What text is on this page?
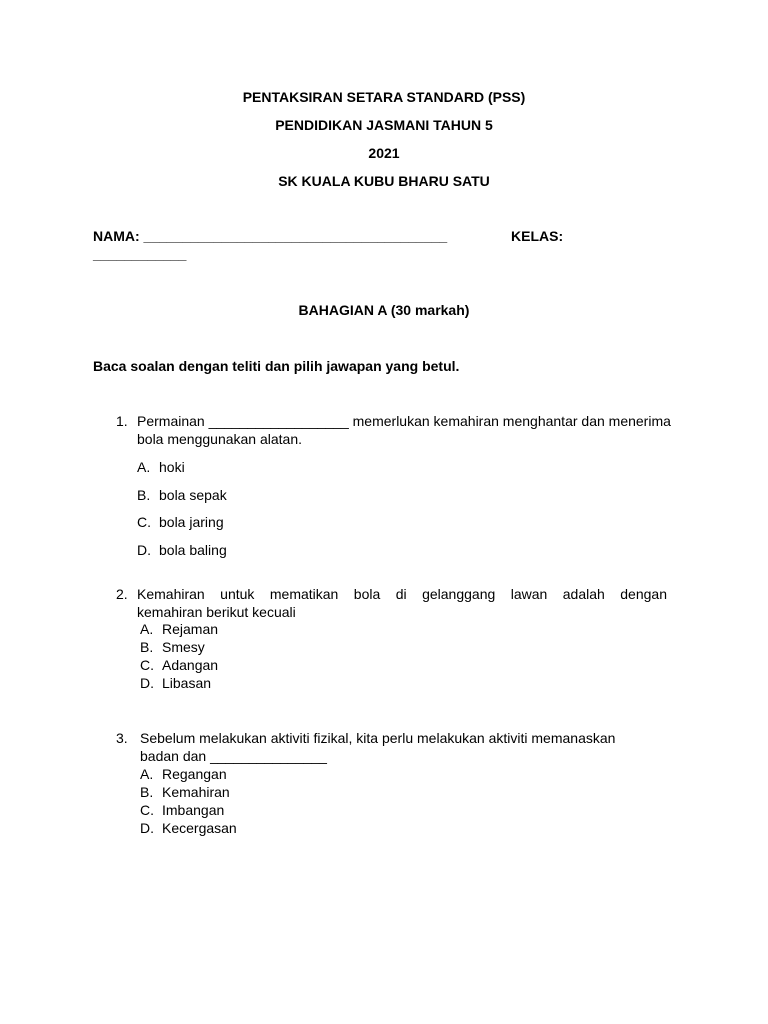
PENTAKSIRAN SETARA STANDARD (PSS)
PENDIDIKAN JASMANI TAHUN 5
2021
SK KUALA KUBU BHARU SATU
NAMA: _______________________________________	KELAS:
____________
BAHAGIAN A (30 markah)
Baca soalan dengan teliti dan pilih jawapan yang betul.
1. Permainan __________________ memerlukan kemahiran menghantar dan menerima
bola menggunakan alatan.
A. hoki
B. bola sepak
C. bola jaring
D. bola baling
2. Kemahiran untuk mematikan bola di gelanggang lawan adalah dengan
kemahiran berikut kecuali
A. Rejaman
B. Smesy
C. Adangan
D. Libasan
3. Sebelum melakukan aktiviti fizikal, kita perlu melakukan aktiviti memanaskan
badan dan _______________
A. Regangan
B. Kemahiran
C. Imbangan
D. Kecergasan
